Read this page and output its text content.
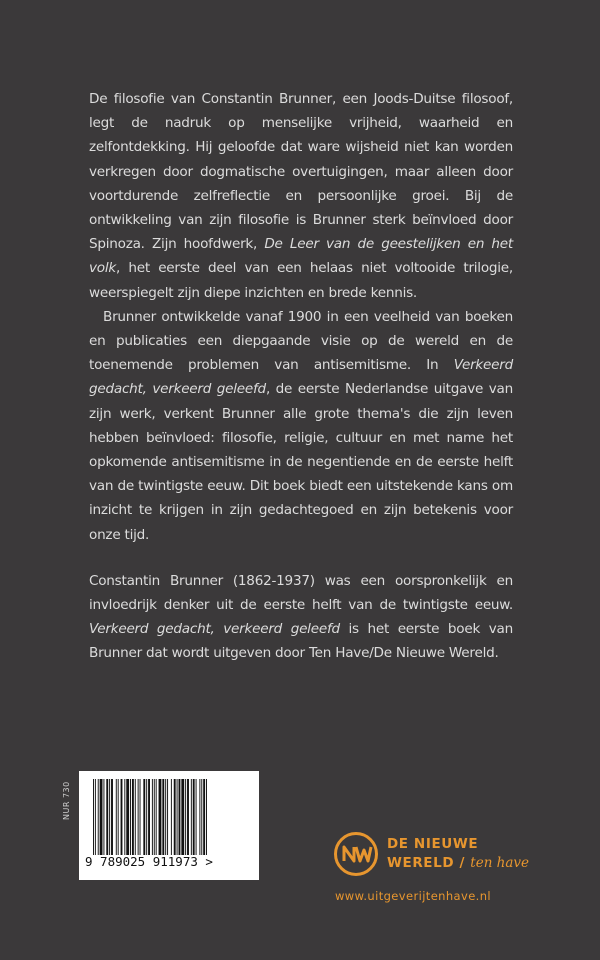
De filosofie van Constantin Brunner, een Joods-Duitse filosoof, legt de nadruk op menselijke vrijheid, waarheid en zelfontdekking. Hij geloofde dat ware wijsheid niet kan worden verkregen door dogmatische overtuigingen, maar alleen door voortdurende zelfreflectie en persoonlijke groei. Bij de ontwikkeling van zijn filosofie is Brunner sterk beïnvloed door Spinoza. Zijn hoofdwerk, De Leer van de geestelijken en het volk, het eerste deel van een helaas niet voltooide trilogie, weerspiegelt zijn diepe inzichten en brede kennis.

Brunner ontwikkelde vanaf 1900 in een veelheid van boeken en publicaties een diepgaande visie op de wereld en de toenemende problemen van antisemitisme. In Verkeerd gedacht, verkeerd geleefd, de eerste Nederlandse uitgave van zijn werk, verkent Brunner alle grote thema's die zijn leven hebben beïnvloed: filosofie, religie, cultuur en met name het opkomende antisemitisme in de negentiende en de eerste helft van de twintigste eeuw. Dit boek biedt een uitstekende kans om inzicht te krijgen in zijn gedachtegoed en zijn betekenis voor onze tijd.

Constantin Brunner (1862-1937) was een oorspronkelijk en invloedrijk denker uit de eerste helft van de twintigste eeuw. Verkeerd gedacht, verkeerd geleefd is het eerste boek van Brunner dat wordt uitgeven door Ten Have/De Nieuwe Wereld.

NUR 730
9 789025 911973 >
DE NIEUWE
WERELD / ten have
www.uitgeverijtenhave.nl
